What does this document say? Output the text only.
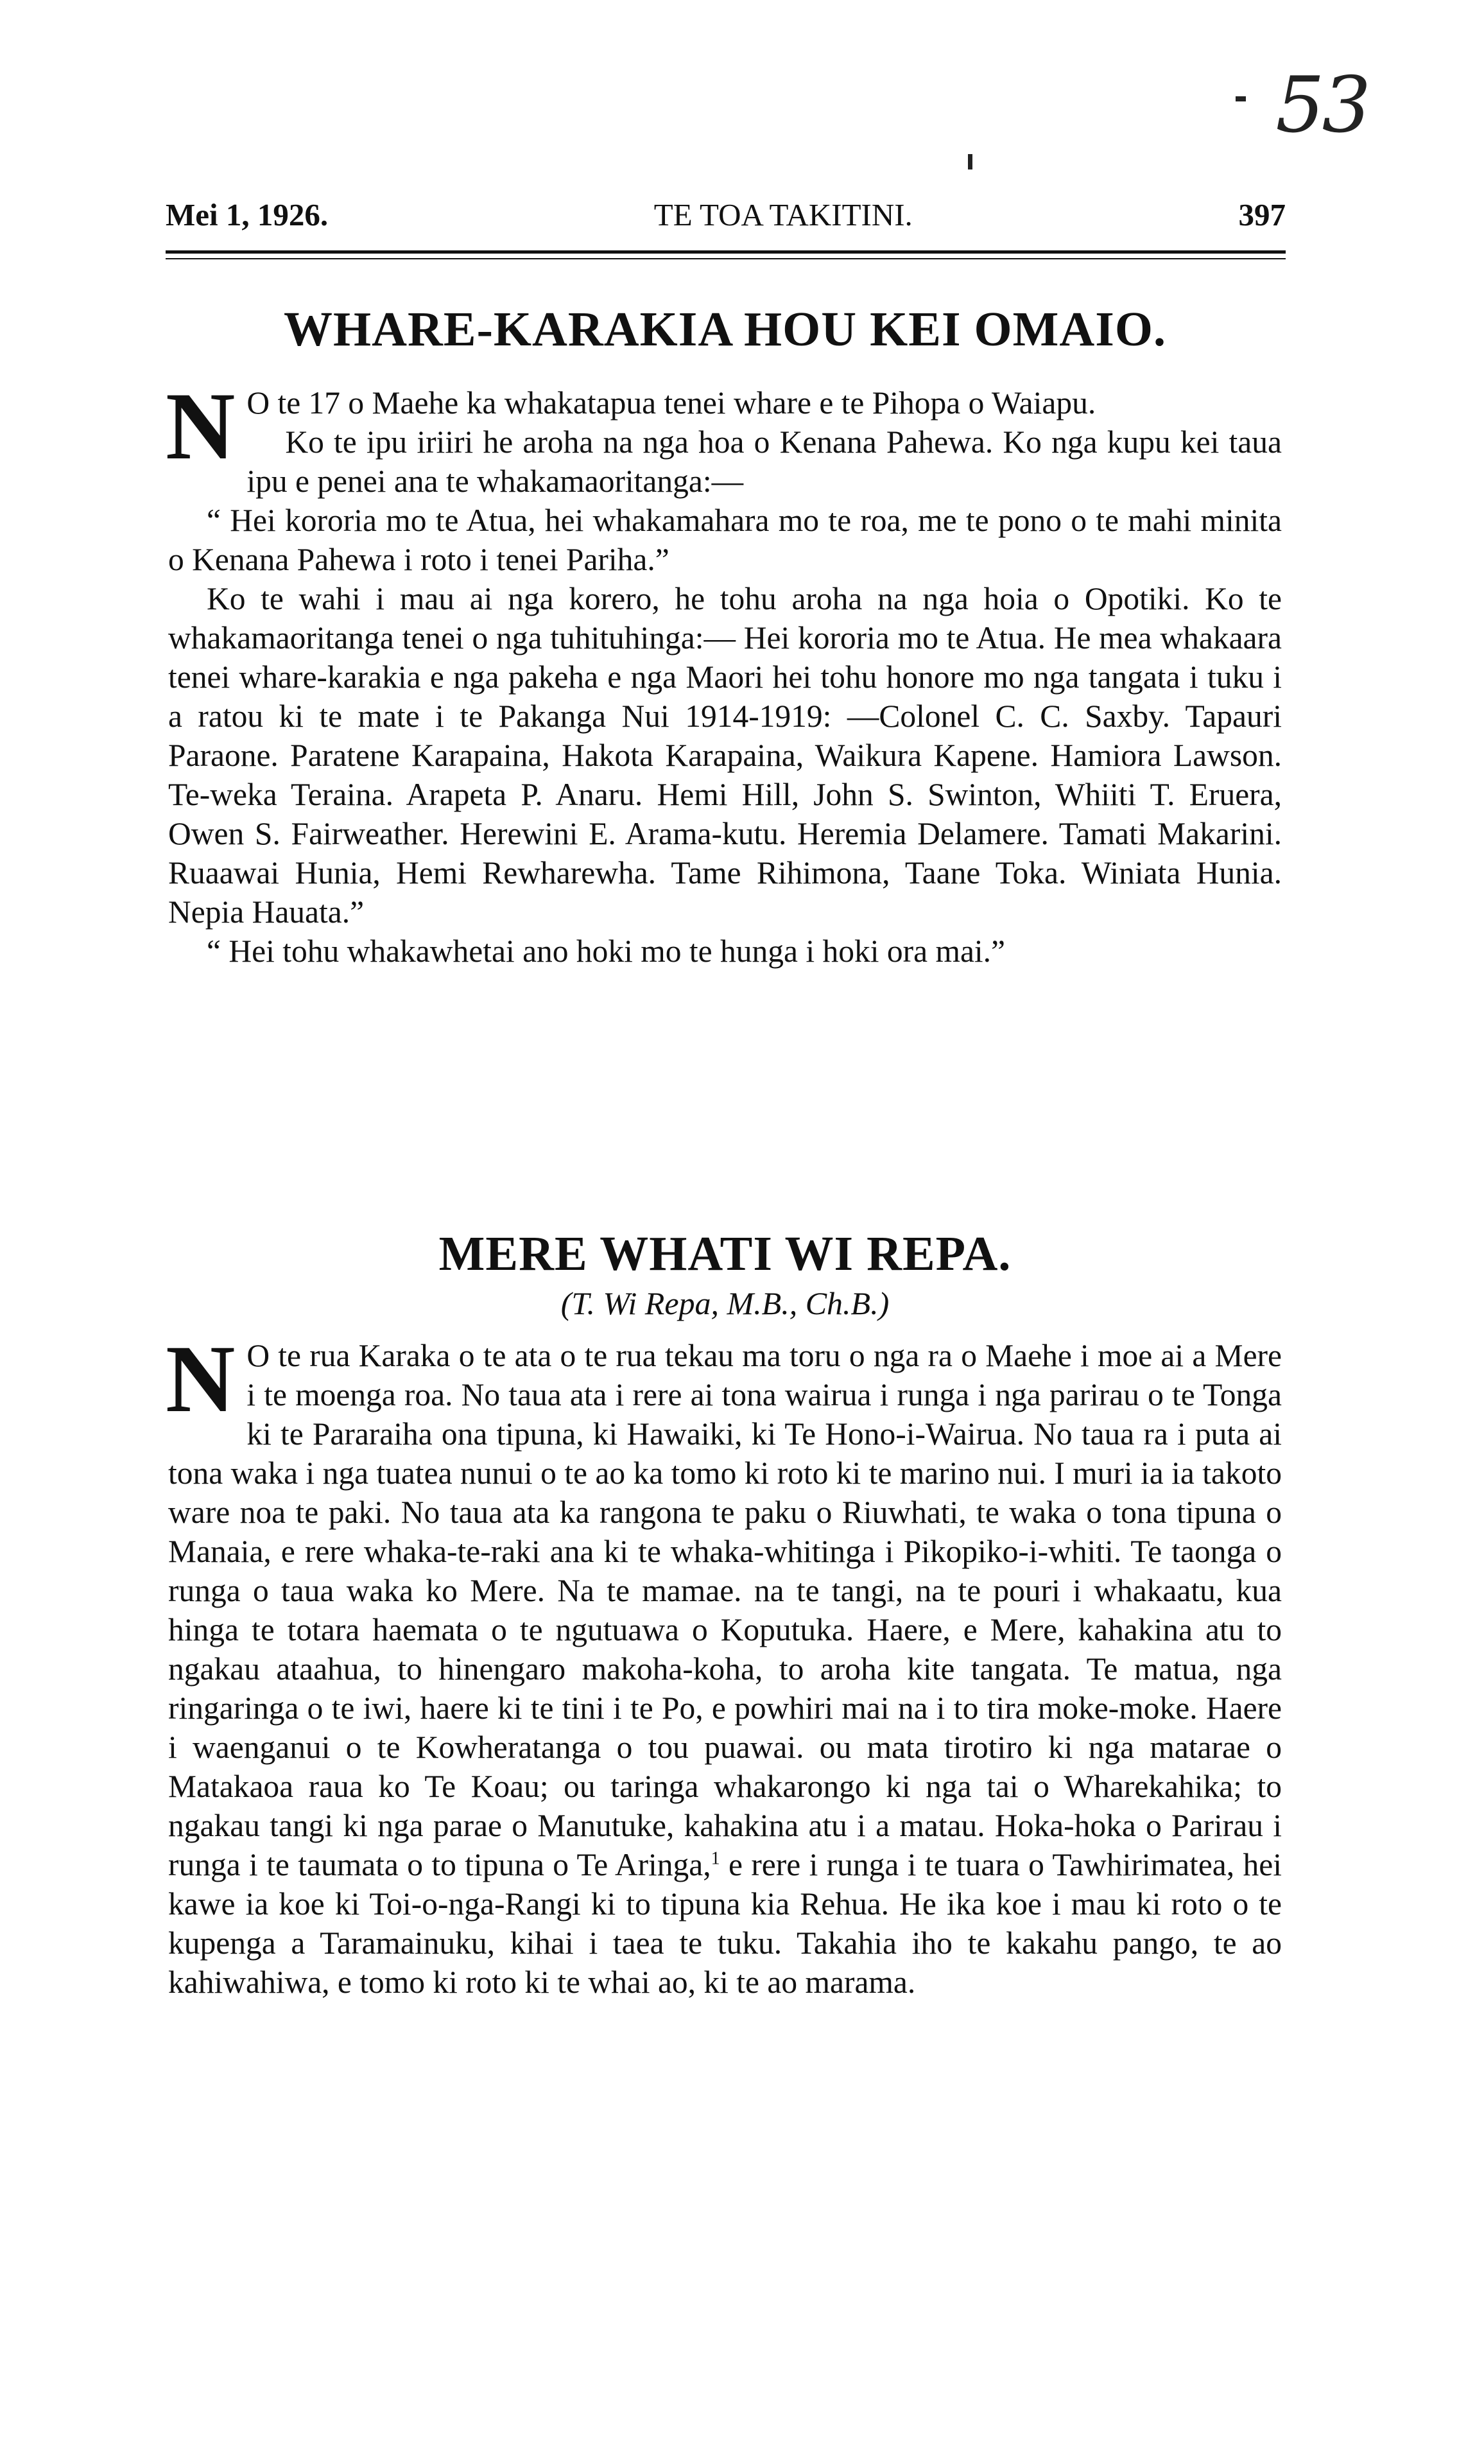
53
Mei 1, 1926.	TE TOA TAKITINI.	397
WHARE-KARAKIA HOU KEI OMAIO.

N O te 17 o Maehe ka whakatapua tenei whare e te Pihopa o Waiapu.

Ko te ipu iriiri he aroha na nga hoa o Kenana Pahewa. Ko nga kupu kei taua ipu e penei ana te whakamaoritanga:—

“ Hei kororia mo te Atua, hei whakamahara mo te roa, me te pono o te mahi minita o Kenana Pahewa i roto i tenei Pariha.”

Ko te wahi i mau ai nga korero, he tohu aroha na nga hoia o Opotiki. Ko te whakamaoritanga tenei o nga tuhituhinga:— Hei kororia mo te Atua. He mea whakaara tenei whare-karakia e nga pakeha e nga Maori hei tohu honore mo nga tangata i tuku i a ratou ki te mate i te Pakanga Nui 1914-1919: —Colonel C. C. Saxby. Tapauri Paraone. Paratene Karapaina, Hakota Karapaina, Waikura Kapene. Hamiora Lawson. Te-weka Teraina. Arapeta P. Anaru. Hemi Hill, John S. Swinton, Whiiti T. Eruera, Owen S. Fairweather. Herewini E. Arama-kutu. Heremia Delamere. Tamati Makarini. Ruaawai Hunia, Hemi Rewharewha. Tame Rihimona, Taane Toka. Winiata Hunia. Nepia Hauata.”

“ Hei tohu whakawhetai ano hoki mo te hunga i hoki ora mai.”

MERE WHATI WI REPA.
(T. Wi Repa, M.B., Ch.B.)

N O te rua Karaka o te ata o te rua tekau ma toru o nga ra o Maehe i moe ai a Mere i te moenga roa. No taua ata i rere ai tona wairua i runga i nga parirau o te Tonga ki te Pararaiha ona tipuna, ki Hawaiki, ki Te Hono-i-Wairua. No taua ra i puta ai tona waka i nga tuatea nunui o te ao ka tomo ki roto ki te marino nui. I muri ia ia takoto ware noa te paki. No taua ata ka rangona te paku o Riuwhati, te waka o tona tipuna o Manaia, e rere whaka-te-raki ana ki te whaka-whitinga i Pikopiko-i-whiti. Te taonga o runga o taua waka ko Mere. Na te mamae. na te tangi, na te pouri i whakaatu, kua hinga te totara haemata o te ngutuawa o Koputuka. Haere, e Mere, kahakina atu to ngakau ataahua, to hinengaro makoha-koha, to aroha kite tangata. Te matua, nga ringaringa o te iwi, haere ki te tini i te Po, e powhiri mai na i to tira moke-moke. Haere i waenganui o te Kowheratanga o tou puawai. ou mata tirotiro ki nga matarae o Matakaoa raua ko Te Koau; ou taringa whakarongo ki nga tai o Wharekahika; to ngakau tangi ki nga parae o Manutuke, kahakina atu i a matau. Hoka-hoka o Parirau i runga i te taumata o to tipuna o Te Aringa,$^1$ e rere i runga i te tuara o Tawhirimatea, hei kawe ia koe ki Toi-o-nga-Rangi ki to tipuna kia Rehua. He ika koe i mau ki roto o te kupenga a Taramainuku, kihai i taea te tuku. Takahia iho te kakahu pango, te ao kahiwahiwa, e tomo ki roto ki te whai ao, ki te ao marama.
